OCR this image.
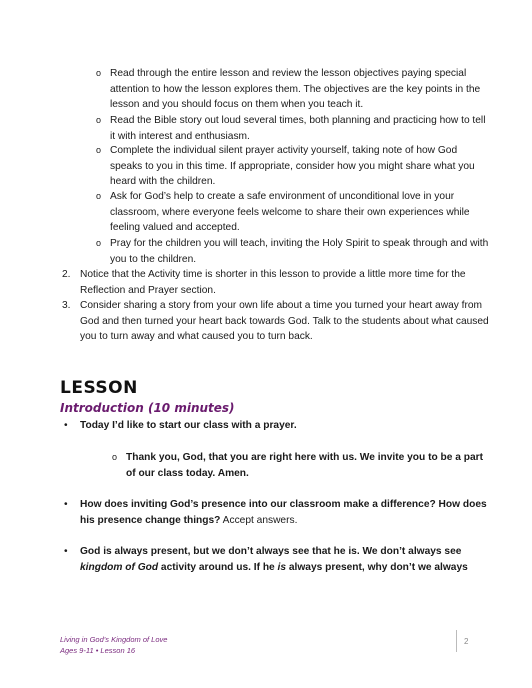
o Read through the entire lesson and review the lesson objectives paying special attention to how the lesson explores them. The objectives are the key points in the lesson and you should focus on them when you teach it.
o Read the Bible story out loud several times, both planning and practicing how to tell it with interest and enthusiasm.
o Complete the individual silent prayer activity yourself, taking note of how God speaks to you in this time. If appropriate, consider how you might share what you heard with the children.
o Ask for God’s help to create a safe environment of unconditional love in your classroom, where everyone feels welcome to share their own experiences while feeling valued and accepted.
o Pray for the children you will teach, inviting the Holy Spirit to speak through and with you to the children.
2. Notice that the Activity time is shorter in this lesson to provide a little more time for the Reflection and Prayer section.
3. Consider sharing a story from your own life about a time you turned your heart away from God and then turned your heart back towards God. Talk to the students about what caused you to turn away and what caused you to turn back.
LESSON
Introduction (10 minutes)
• Today I’d like to start our class with a prayer.
o Thank you, God, that you are right here with us. We invite you to be a part of our class today. Amen.
• How does inviting God’s presence into our classroom make a difference? How does his presence change things? Accept answers.
• God is always present, but we don’t always see that he is. We don’t always see kingdom of God activity around us. If he is always present, why don’t we always
Living in God’s Kingdom of Love
Ages 9-11 • Lesson 16
2
